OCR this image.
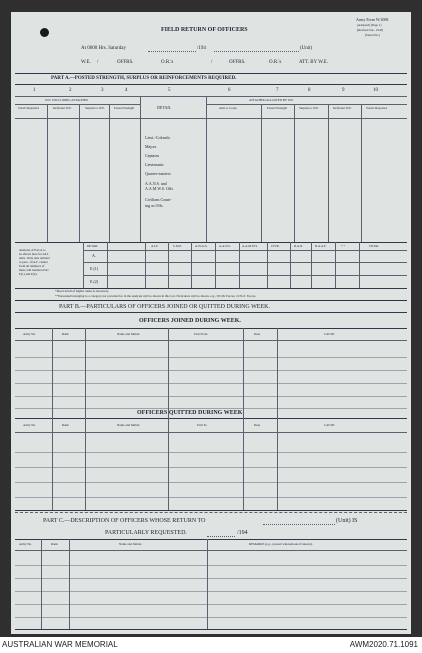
FIELD RETURN OF OFFICERS
Army Form W.3008
(Adapted) (Page 1)
(Revised Jan., 1943)
(Serial No.)
At 0600 Hrs. Saturday	/194	(Unit)
W.E. /	OFFRS.	O.R.'s	/	OFFRS.	O.R.'s	ATT. BY W.E.
PART A.—POSTED STRENGTH, SURPLUS OR REINFORCEMENTS REQUIRED.
1	2	3	4	5	6	7	8	9	10
W.E. EXCLUDING ATTACHED
DETAIL
ATTACHED ALLOWED BY W.E.
Total's Required	Deficient W.E.	Surplus to W.E.	Posted Strength	Arm or Corps	Posted Strength	Surplus to W.E.	Deficient W.E.	Total's Required
Lieut.-Colonels
Majors
Captains
Lieutenants
Quarter-masters
A.A.N.S. and
A.A.M.W.S. Offs
Civilians Count-
ing as Offs.
Analysis of Part A to
be shown here for ALL
units. Only ams omitted
to pass. 10 A.F. cannot
form all numbers of
these will mention Part
E(1) and E(2).
DETAIL	A.I.F.	C.M.F.	A.W.A.S.	A.A.N.S.	A.A.M.W.S.	CIVIL	R.A.N.	R.A.A.F.	* *	TOTAL
A.
E.(1)
E.(2)
*Insert detail of higher ranks as necessary.
**Personnel belonging to a category not provided for in the analysis will be shown in this Col. Particulars will be shown, e.g., 30 UK Forces; 10 N.Z. Forces.
PART B.—PARTICULARS OF OFFICERS JOINED OR QUITTED DURING WEEK.
OFFICERS JOINED DURING WEEK.
Army No.	Rank	Name and Initials	Unit From	Date	CAUSE
OFFICERS QUITTED DURING WEEK
Army No.	Rank	Name and Initials	Unit To	Date	CAUSE
PART C.—DESCRIPTION OF OFFICERS WHOSE RETURN TO	(Unit) IS
PARTICULARLY REQUESTED.	/194
Army No.	Rank	Name and Initials	REMARKS (e.g., present whereabouts if known).
AUSTRALIAN WAR MEMORIAL	AWM2020.71.1091
